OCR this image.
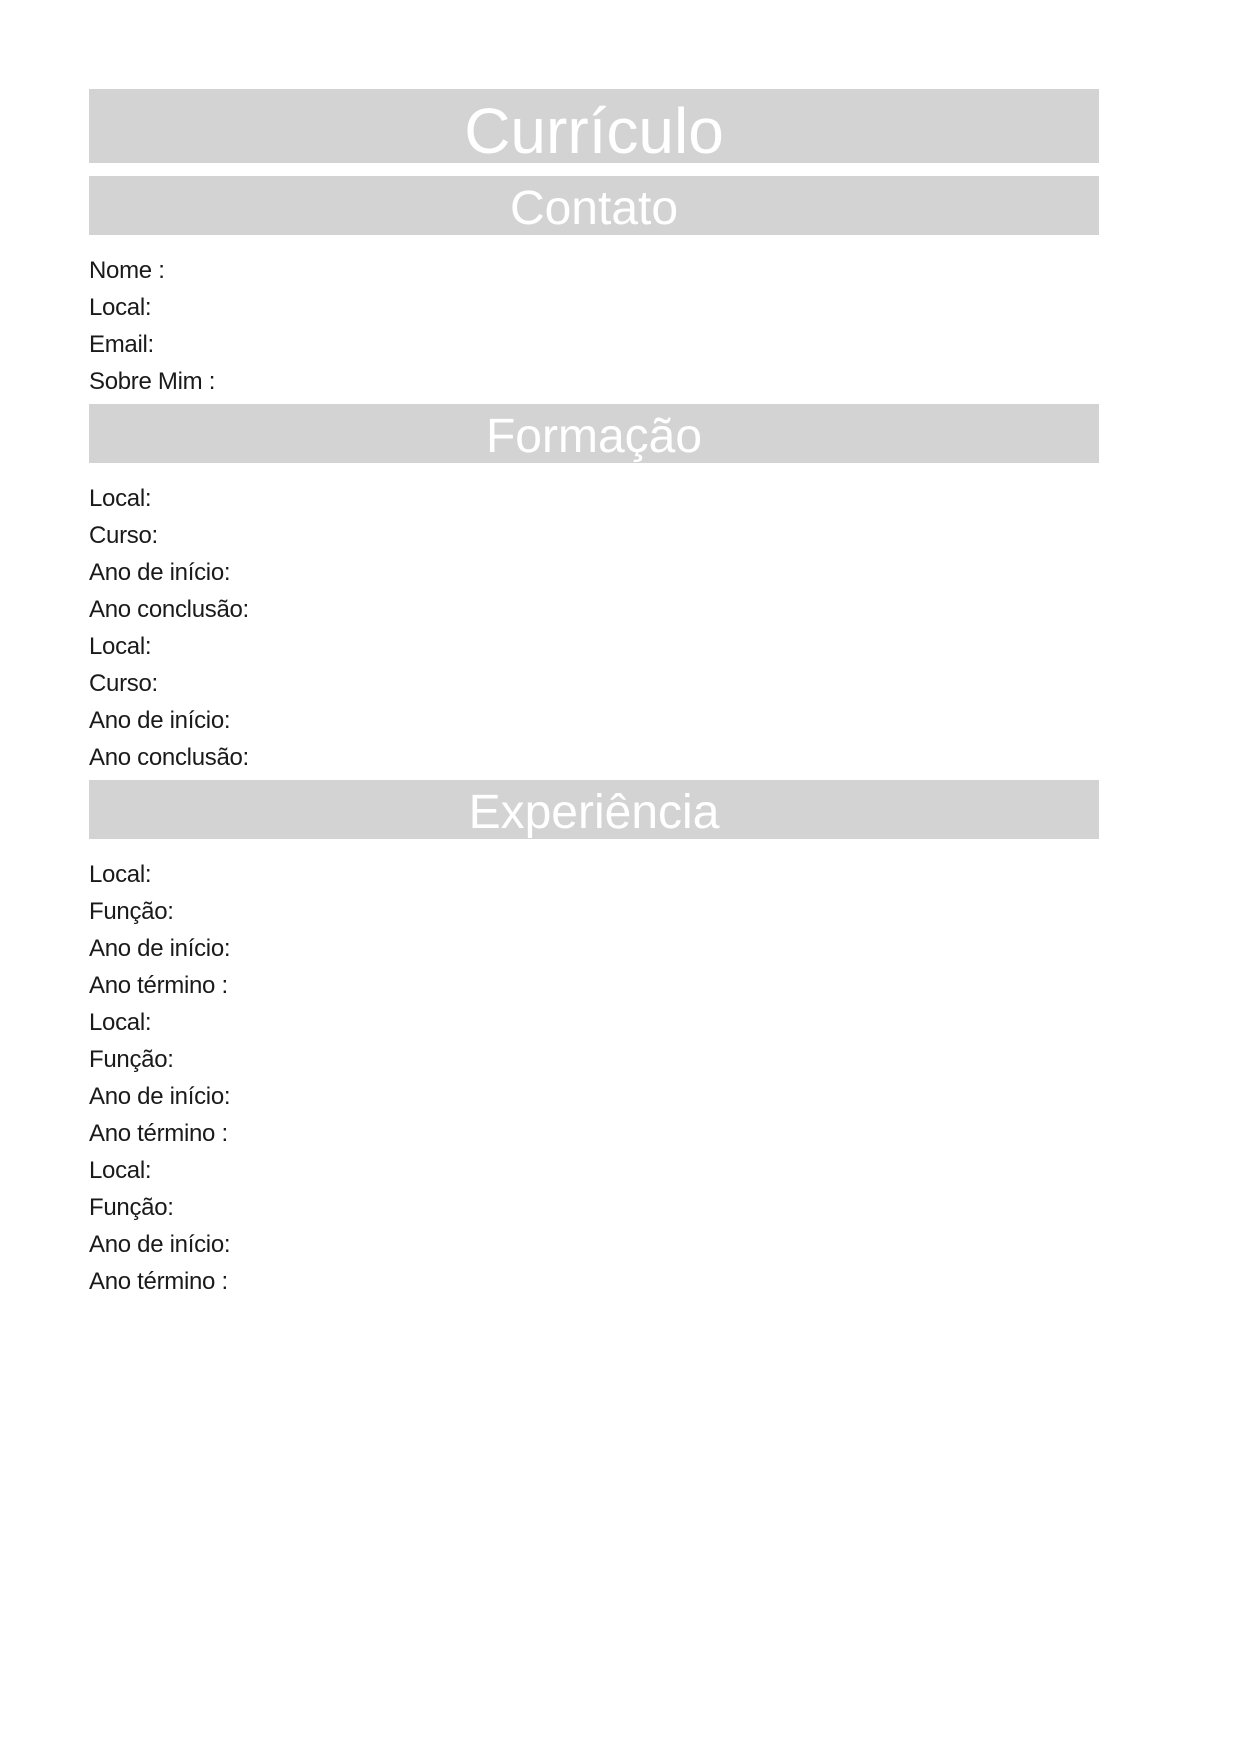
Currículo
Contato
Nome :
Local:
Email:
Sobre Mim :
Formação
Local:
Curso:
Ano de início:
Ano conclusão:
Local:
Curso:
Ano de início:
Ano conclusão:
Experiência
Local:
Função:
Ano de início:
Ano término :
Local:
Função:
Ano de início:
Ano término :
Local:
Função:
Ano de início:
Ano término :
